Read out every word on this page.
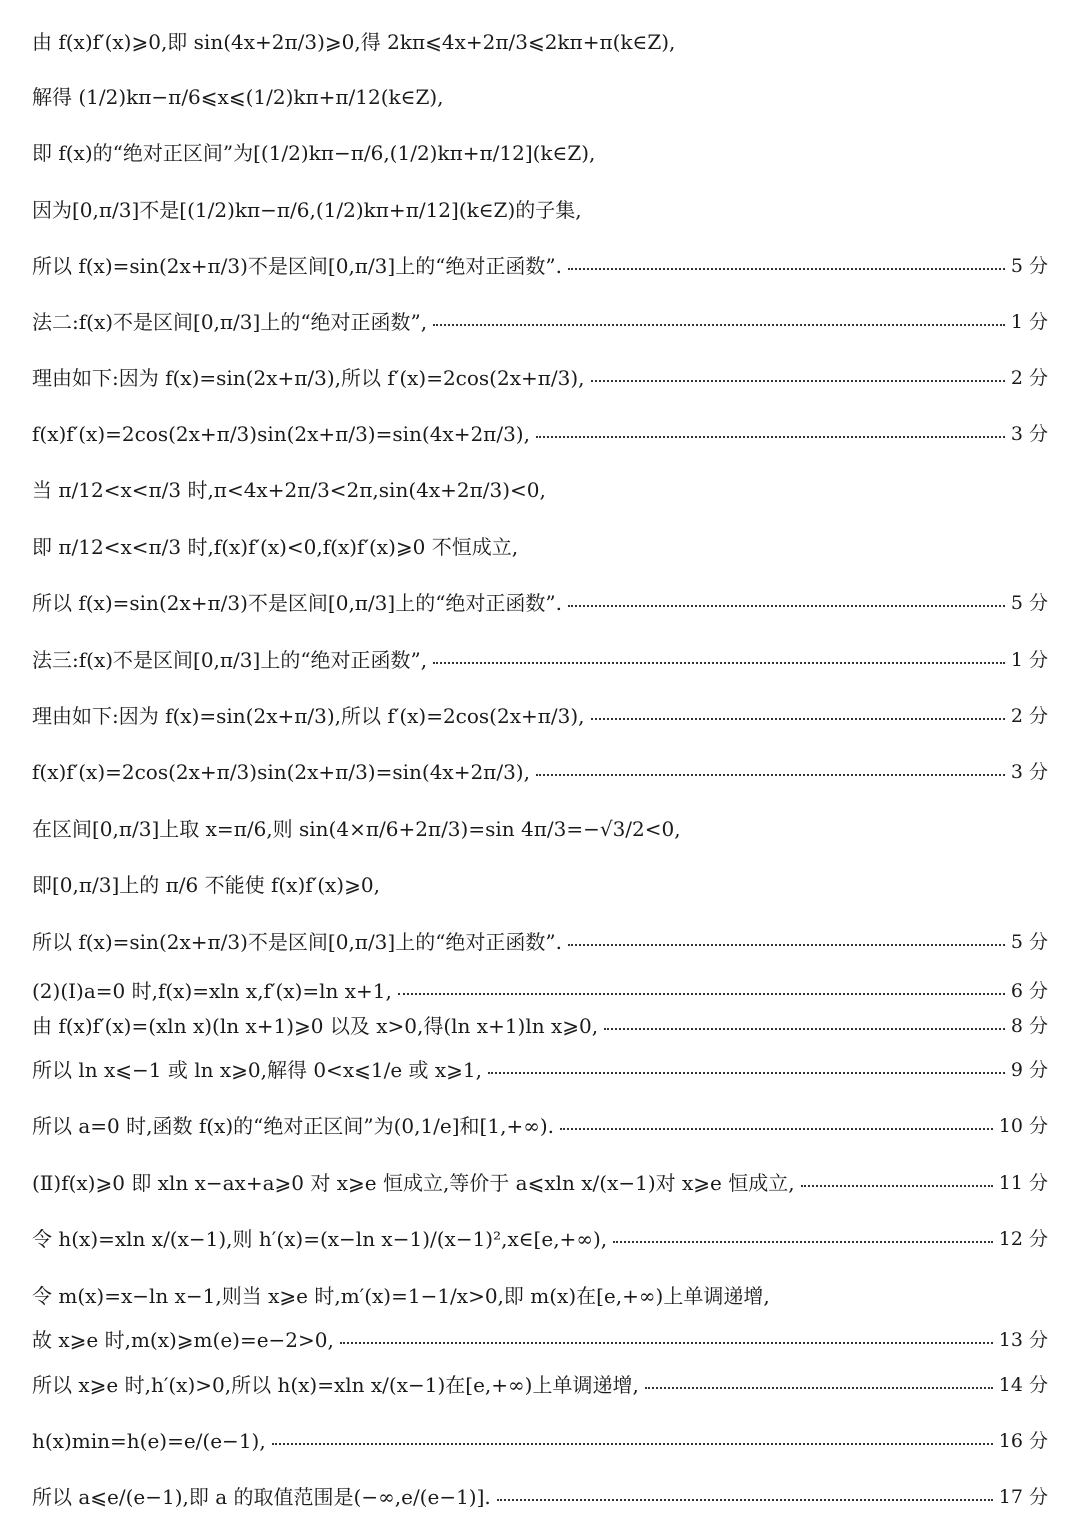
由 f(x)f′(x)⩾0,即 sin(4x+2π/3)⩾0,得 2kπ⩽4x+2π/3⩽2kπ+π(k∈Z),
解得 (1/2)kπ−π/6⩽x⩽(1/2)kπ+π/12(k∈Z),
即 f(x)的“绝对正区间”为[(1/2)kπ−π/6,(1/2)kπ+π/12](k∈Z),
因为[0,π/3]不是[(1/2)kπ−π/6,(1/2)kπ+π/12](k∈Z)的子集,
所以 f(x)=sin(2x+π/3)不是区间[0,π/3]上的“绝对正函数”.	5 分
法二:f(x)不是区间[0,π/3]上的“绝对正函数”,	1 分
理由如下:因为 f(x)=sin(2x+π/3),所以 f′(x)=2cos(2x+π/3),	2 分
f(x)f′(x)=2cos(2x+π/3)sin(2x+π/3)=sin(4x+2π/3),	3 分
当 π/12<x<π/3 时,π<4x+2π/3<2π,sin(4x+2π/3)<0,
即 π/12<x<π/3 时,f(x)f′(x)<0,f(x)f′(x)⩾0 不恒成立,
所以 f(x)=sin(2x+π/3)不是区间[0,π/3]上的“绝对正函数”.	5 分
法三:f(x)不是区间[0,π/3]上的“绝对正函数”,	1 分
理由如下:因为 f(x)=sin(2x+π/3),所以 f′(x)=2cos(2x+π/3),	2 分
f(x)f′(x)=2cos(2x+π/3)sin(2x+π/3)=sin(4x+2π/3),	3 分
在区间[0,π/3]上取 x=π/6,则 sin(4×π/6+2π/3)=sin 4π/3=−√3/2<0,
即[0,π/3]上的 π/6 不能使 f(x)f′(x)⩾0,
所以 f(x)=sin(2x+π/3)不是区间[0,π/3]上的“绝对正函数”.	5 分
(2)(Ⅰ)a=0 时,f(x)=xln x,f′(x)=ln x+1,	6 分
由 f(x)f′(x)=(xln x)(ln x+1)⩾0 以及 x>0,得(ln x+1)ln x⩾0,	8 分
所以 ln x⩽−1 或 ln x⩾0,解得 0<x⩽1/e 或 x⩾1,	9 分
所以 a=0 时,函数 f(x)的“绝对正区间”为(0,1/e]和[1,+∞).	10 分
(Ⅱ)f(x)⩾0 即 xln x−ax+a⩾0 对 x⩾e 恒成立,等价于 a⩽xln x/(x−1)对 x⩾e 恒成立,	11 分
令 h(x)=xln x/(x−1),则 h′(x)=(x−ln x−1)/(x−1)²,x∈[e,+∞),	12 分
令 m(x)=x−ln x−1,则当 x⩾e 时,m′(x)=1−1/x>0,即 m(x)在[e,+∞)上单调递增,
故 x⩾e 时,m(x)⩾m(e)=e−2>0,	13 分
所以 x⩾e 时,h′(x)>0,所以 h(x)=xln x/(x−1)在[e,+∞)上单调递增,	14 分
h(x)min=h(e)=e/(e−1),	16 分
所以 a⩽e/(e−1),即 a 的取值范围是(−∞,e/(e−1)].	17 分
